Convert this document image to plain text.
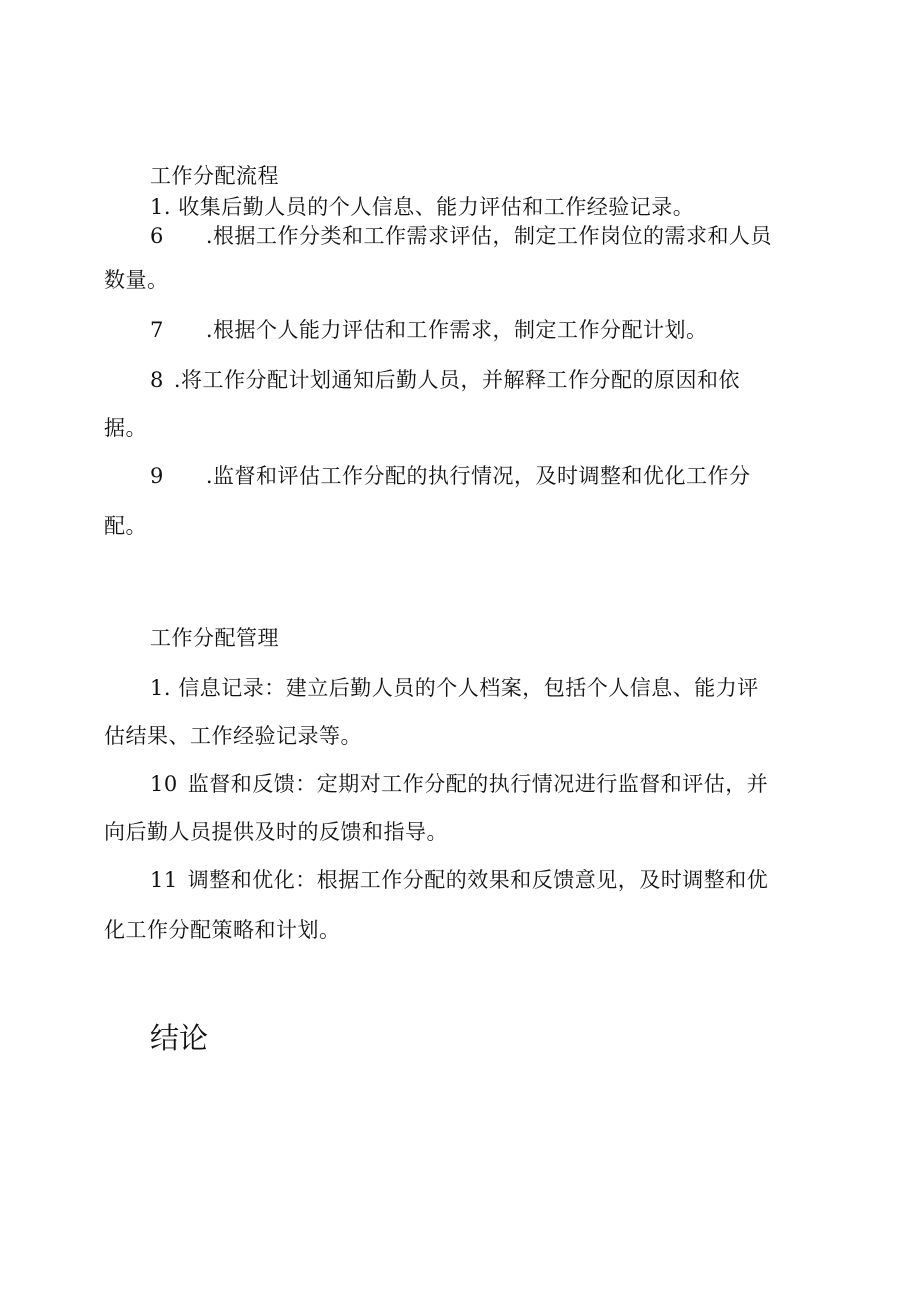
工作分配流程
1. 收集后勤人员的个人信息、能力评估和工作经验记录。
6 .根据工作分类和工作需求评估，制定工作岗位的需求和人员
数量。
7 .根据个人能力评估和工作需求，制定工作分配计划。
8 .将工作分配计划通知后勤人员，并解释工作分配的原因和依
据。
9 .监督和评估工作分配的执行情况，及时调整和优化工作分
配。
工作分配管理
1. 信息记录：建立后勤人员的个人档案，包括个人信息、能力评
估结果、工作经验记录等。
10 监督和反馈：定期对工作分配的执行情况进行监督和评估，并
向后勤人员提供及时的反馈和指导。
11 调整和优化：根据工作分配的效果和反馈意见，及时调整和优
化工作分配策略和计划。
结论
